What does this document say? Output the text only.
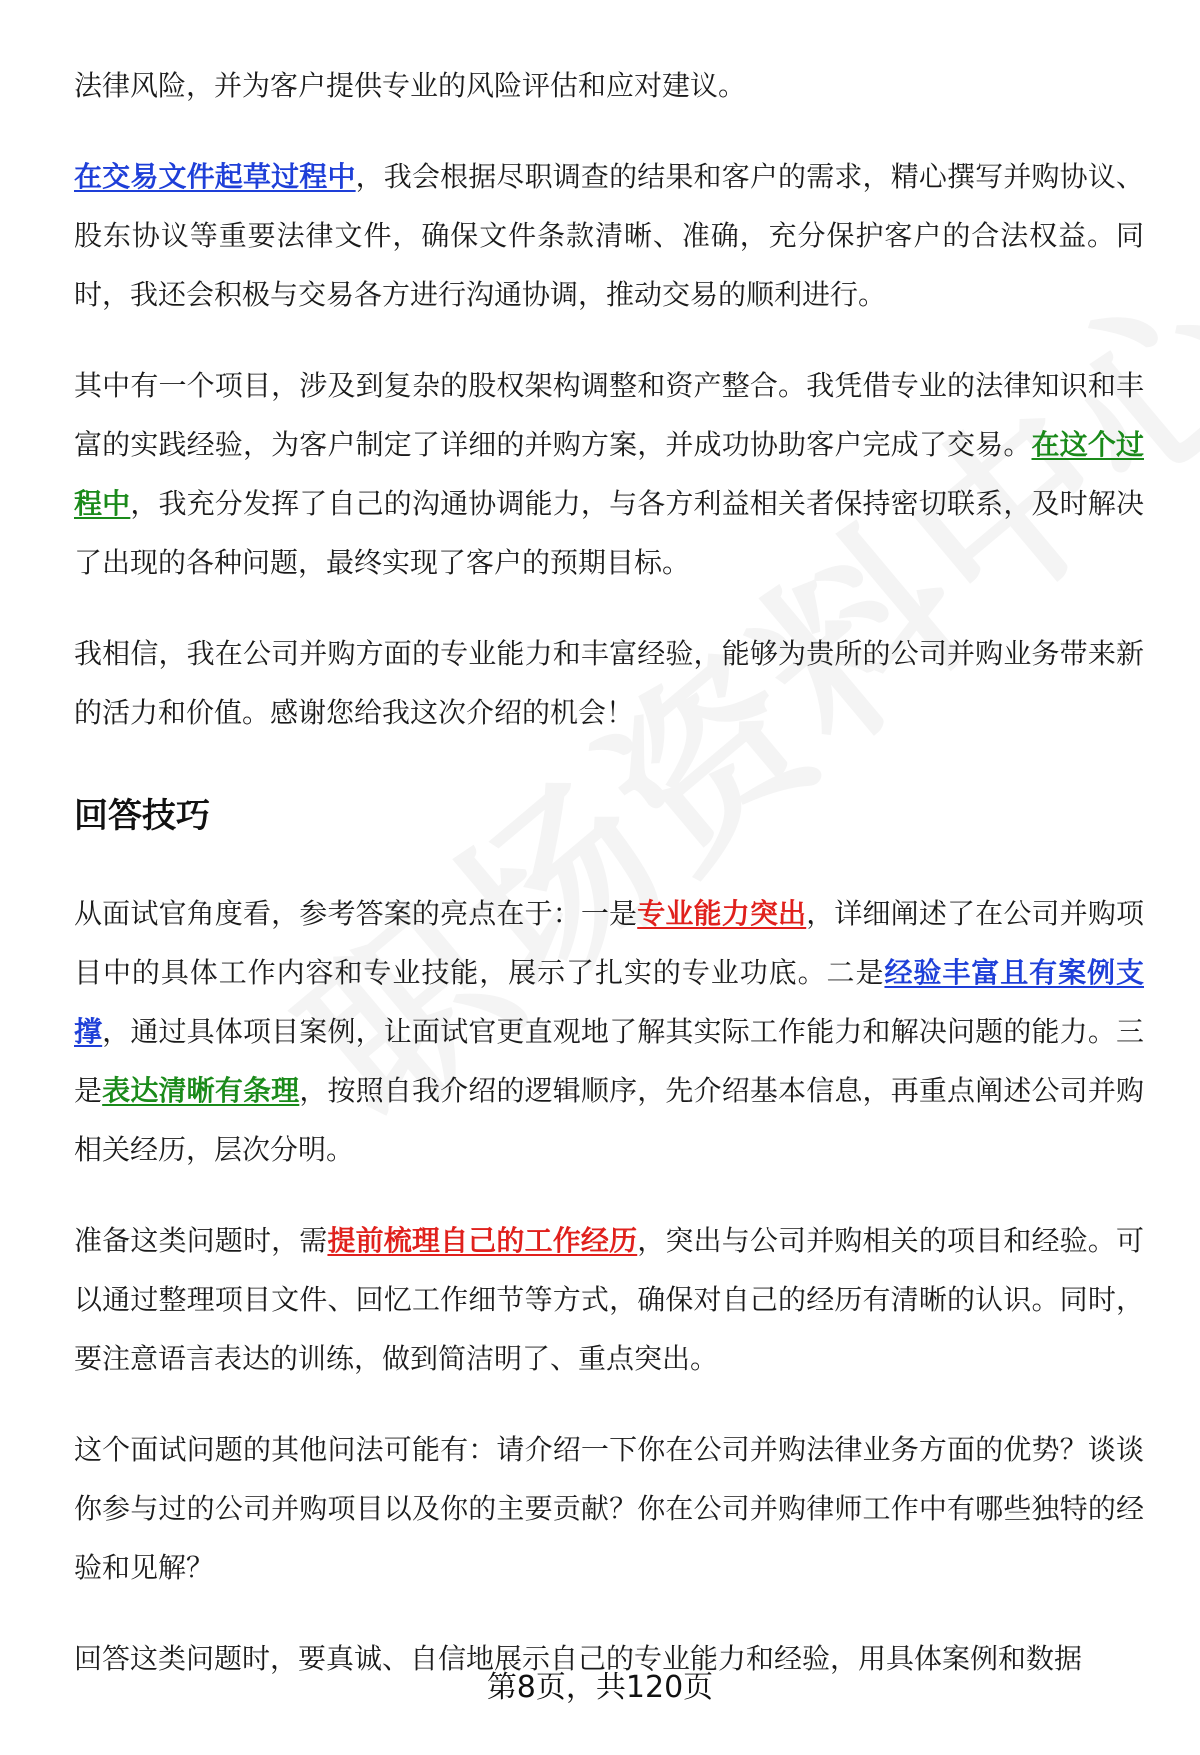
法律风险，并为客户提供专业的风险评估和应对建议。

在交易文件起草过程中，我会根据尽职调查的结果和客户的需求，精心撰写并购协议、股东协议等重要法律文件，确保文件条款清晰、准确，充分保护客户的合法权益。同时，我还会积极与交易各方进行沟通协调，推动交易的顺利进行。

其中有一个项目，涉及到复杂的股权架构调整和资产整合。我凭借专业的法律知识和丰富的实践经验，为客户制定了详细的并购方案，并成功协助客户完成了交易。在这个过程中，我充分发挥了自己的沟通协调能力，与各方利益相关者保持密切联系，及时解决了出现的各种问题，最终实现了客户的预期目标。

我相信，我在公司并购方面的专业能力和丰富经验，能够为贵所的公司并购业务带来新的活力和价值。感谢您给我这次介绍的机会！

回答技巧

从面试官角度看，参考答案的亮点在于：一是专业能力突出，详细阐述了在公司并购项目中的具体工作内容和专业技能，展示了扎实的专业功底。二是经验丰富且有案例支撑，通过具体项目案例，让面试官更直观地了解其实际工作能力和解决问题的能力。三是表达清晰有条理，按照自我介绍的逻辑顺序，先介绍基本信息，再重点阐述公司并购相关经历，层次分明。

准备这类问题时，需提前梳理自己的工作经历，突出与公司并购相关的项目和经验。可以通过整理项目文件、回忆工作细节等方式，确保对自己的经历有清晰的认识。同时，要注意语言表达的训练，做到简洁明了、重点突出。

这个面试问题的其他问法可能有：请介绍一下你在公司并购法律业务方面的优势？谈谈你参与过的公司并购项目以及你的主要贡献？你在公司并购律师工作中有哪些独特的经验和见解？

回答这类问题时，要真诚、自信地展示自己的专业能力和经验，用具体案例和数据

第8页，共120页
